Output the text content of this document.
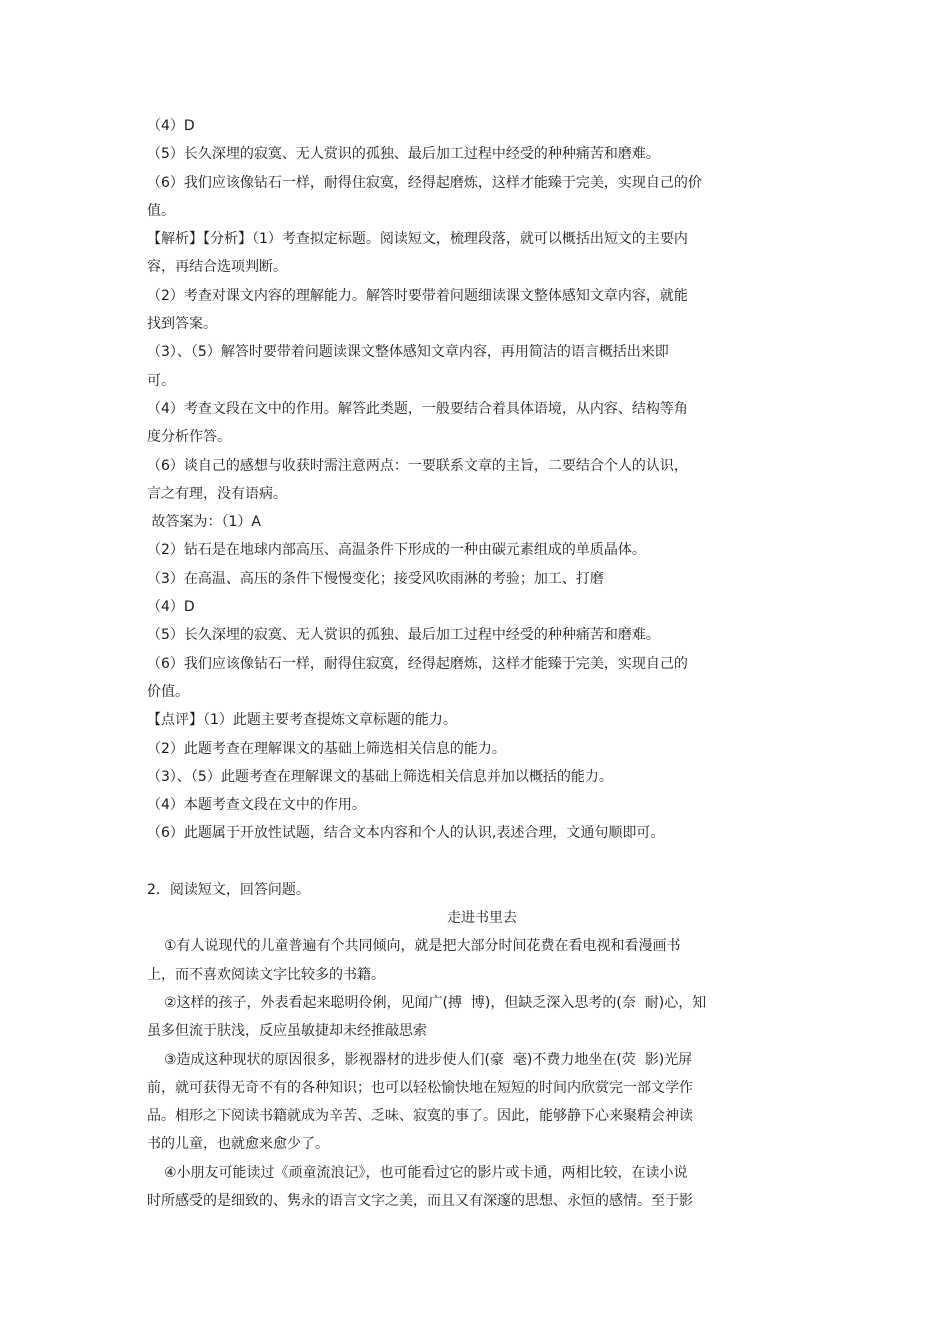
（4）D
（5）长久深埋的寂寞、无人赏识的孤独、最后加工过程中经受的种种痛苦和磨难。
（6）我们应该像钻石一样，耐得住寂寞，经得起磨炼，这样才能臻于完美，实现自己的价
值。
【解析】【分析】（1）考查拟定标题。阅读短文，梳理段落，就可以概括出短文的主要内
容，再结合选项判断。
（2）考查对课文内容的理解能力。解答时要带着问题细读课文整体感知文章内容，就能
找到答案。
（3）、（5）解答时要带着问题读课文整体感知文章内容，再用简洁的语言概括出来即
可。
（4）考查文段在文中的作用。解答此类题，一般要结合着具体语境，从内容、结构等角
度分析作答。
（6）谈自己的感想与收获时需注意两点：一要联系文章的主旨，二要结合个人的认识，
言之有理，没有语病。
故答案为：（1）A
（2）钻石是在地球内部高压、高温条件下形成的一种由碳元素组成的单质晶体。
（3）在高温、高压的条件下慢慢变化；接受风吹雨淋的考验；加工、打磨
（4）D
（5）长久深埋的寂寞、无人赏识的孤独、最后加工过程中经受的种种痛苦和磨难。
（6）我们应该像钻石一样，耐得住寂寞，经得起磨炼，这样才能臻于完美，实现自己的
价值。
【点评】（1）此题主要考查提炼文章标题的能力。
（2）此题考查在理解课文的基础上筛选相关信息的能力。
（3）、（5）此题考查在理解课文的基础上筛选相关信息并加以概括的能力。
（4）本题考查文段在文中的作用。
（6）此题属于开放性试题，结合文本内容和个人的认识,表述合理，文通句顺即可。
2．阅读短文，回答问题。
走进书里去
①有人说现代的儿童普遍有个共同倾向，就是把大部分时间花费在看电视和看漫画书
上，而不喜欢阅读文字比较多的书籍。
②这样的孩子，外表看起来聪明伶俐，见闻广(搏  博)，但缺乏深入思考的(奈  耐)心，知
虽多但流于肤浅，反应虽敏捷却未经推敲思索
③造成这种现状的原因很多，影视器材的进步使人们(豪  毫)不费力地坐在(荧  影)光屏
前，就可获得无奇不有的各种知识；也可以轻松愉快地在短短的时间内欣赏完一部文学作
品。相形之下阅读书籍就成为辛苦、乏味、寂寞的事了。因此，能够静下心来聚精会神读
书的儿童，也就愈来愈少了。
④小朋友可能读过《顽童流浪记》，也可能看过它的影片或卡通，两相比较，在读小说
时所感受的是细致的、隽永的语言文字之美，而且又有深邃的思想、永恒的感情。至于影
